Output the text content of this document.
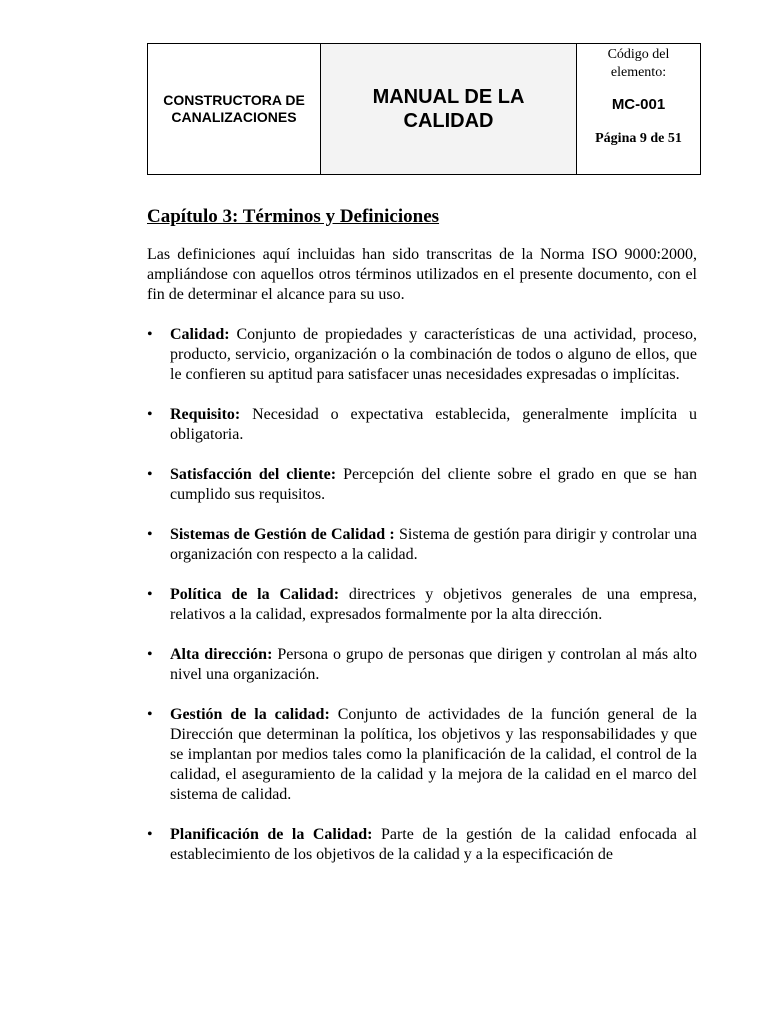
CONSTRUCTORA DE
CANALIZACIONES

MANUAL DE LA
CALIDAD

Código del
elemento:
MC-001
Página 9 de 51
Capítulo 3: Términos y Definiciones

Las definiciones aquí incluidas han sido transcritas de la Norma ISO 9000:2000, ampliándose con aquellos otros términos utilizados en el presente documento, con el fin de determinar el alcance para su uso.

• Calidad: Conjunto de propiedades y características de una actividad, proceso, producto, servicio, organización o la combinación de todos o alguno de ellos, que le confieren su aptitud para satisfacer unas necesidades expresadas o implícitas.
• Requisito: Necesidad o expectativa establecida, generalmente implícita u obligatoria.
• Satisfacción del cliente: Percepción del cliente sobre el grado en que se han cumplido sus requisitos.
• Sistemas de Gestión de Calidad : Sistema de gestión para dirigir y controlar una organización con respecto a la calidad.
• Política de la Calidad: directrices y objetivos generales de una empresa, relativos a la calidad, expresados formalmente por la alta dirección.
• Alta dirección: Persona o grupo de personas que dirigen y controlan al más alto nivel una organización.
• Gestión de la calidad: Conjunto de actividades de la función general de la Dirección que determinan la política, los objetivos y las responsabilidades y que se implantan por medios tales como la planificación de la calidad, el control de la calidad, el aseguramiento de la calidad y la mejora de la calidad en el marco del sistema de calidad.
• Planificación de la Calidad: Parte de la gestión de la calidad enfocada al establecimiento de los objetivos de la calidad y a la especificación de
